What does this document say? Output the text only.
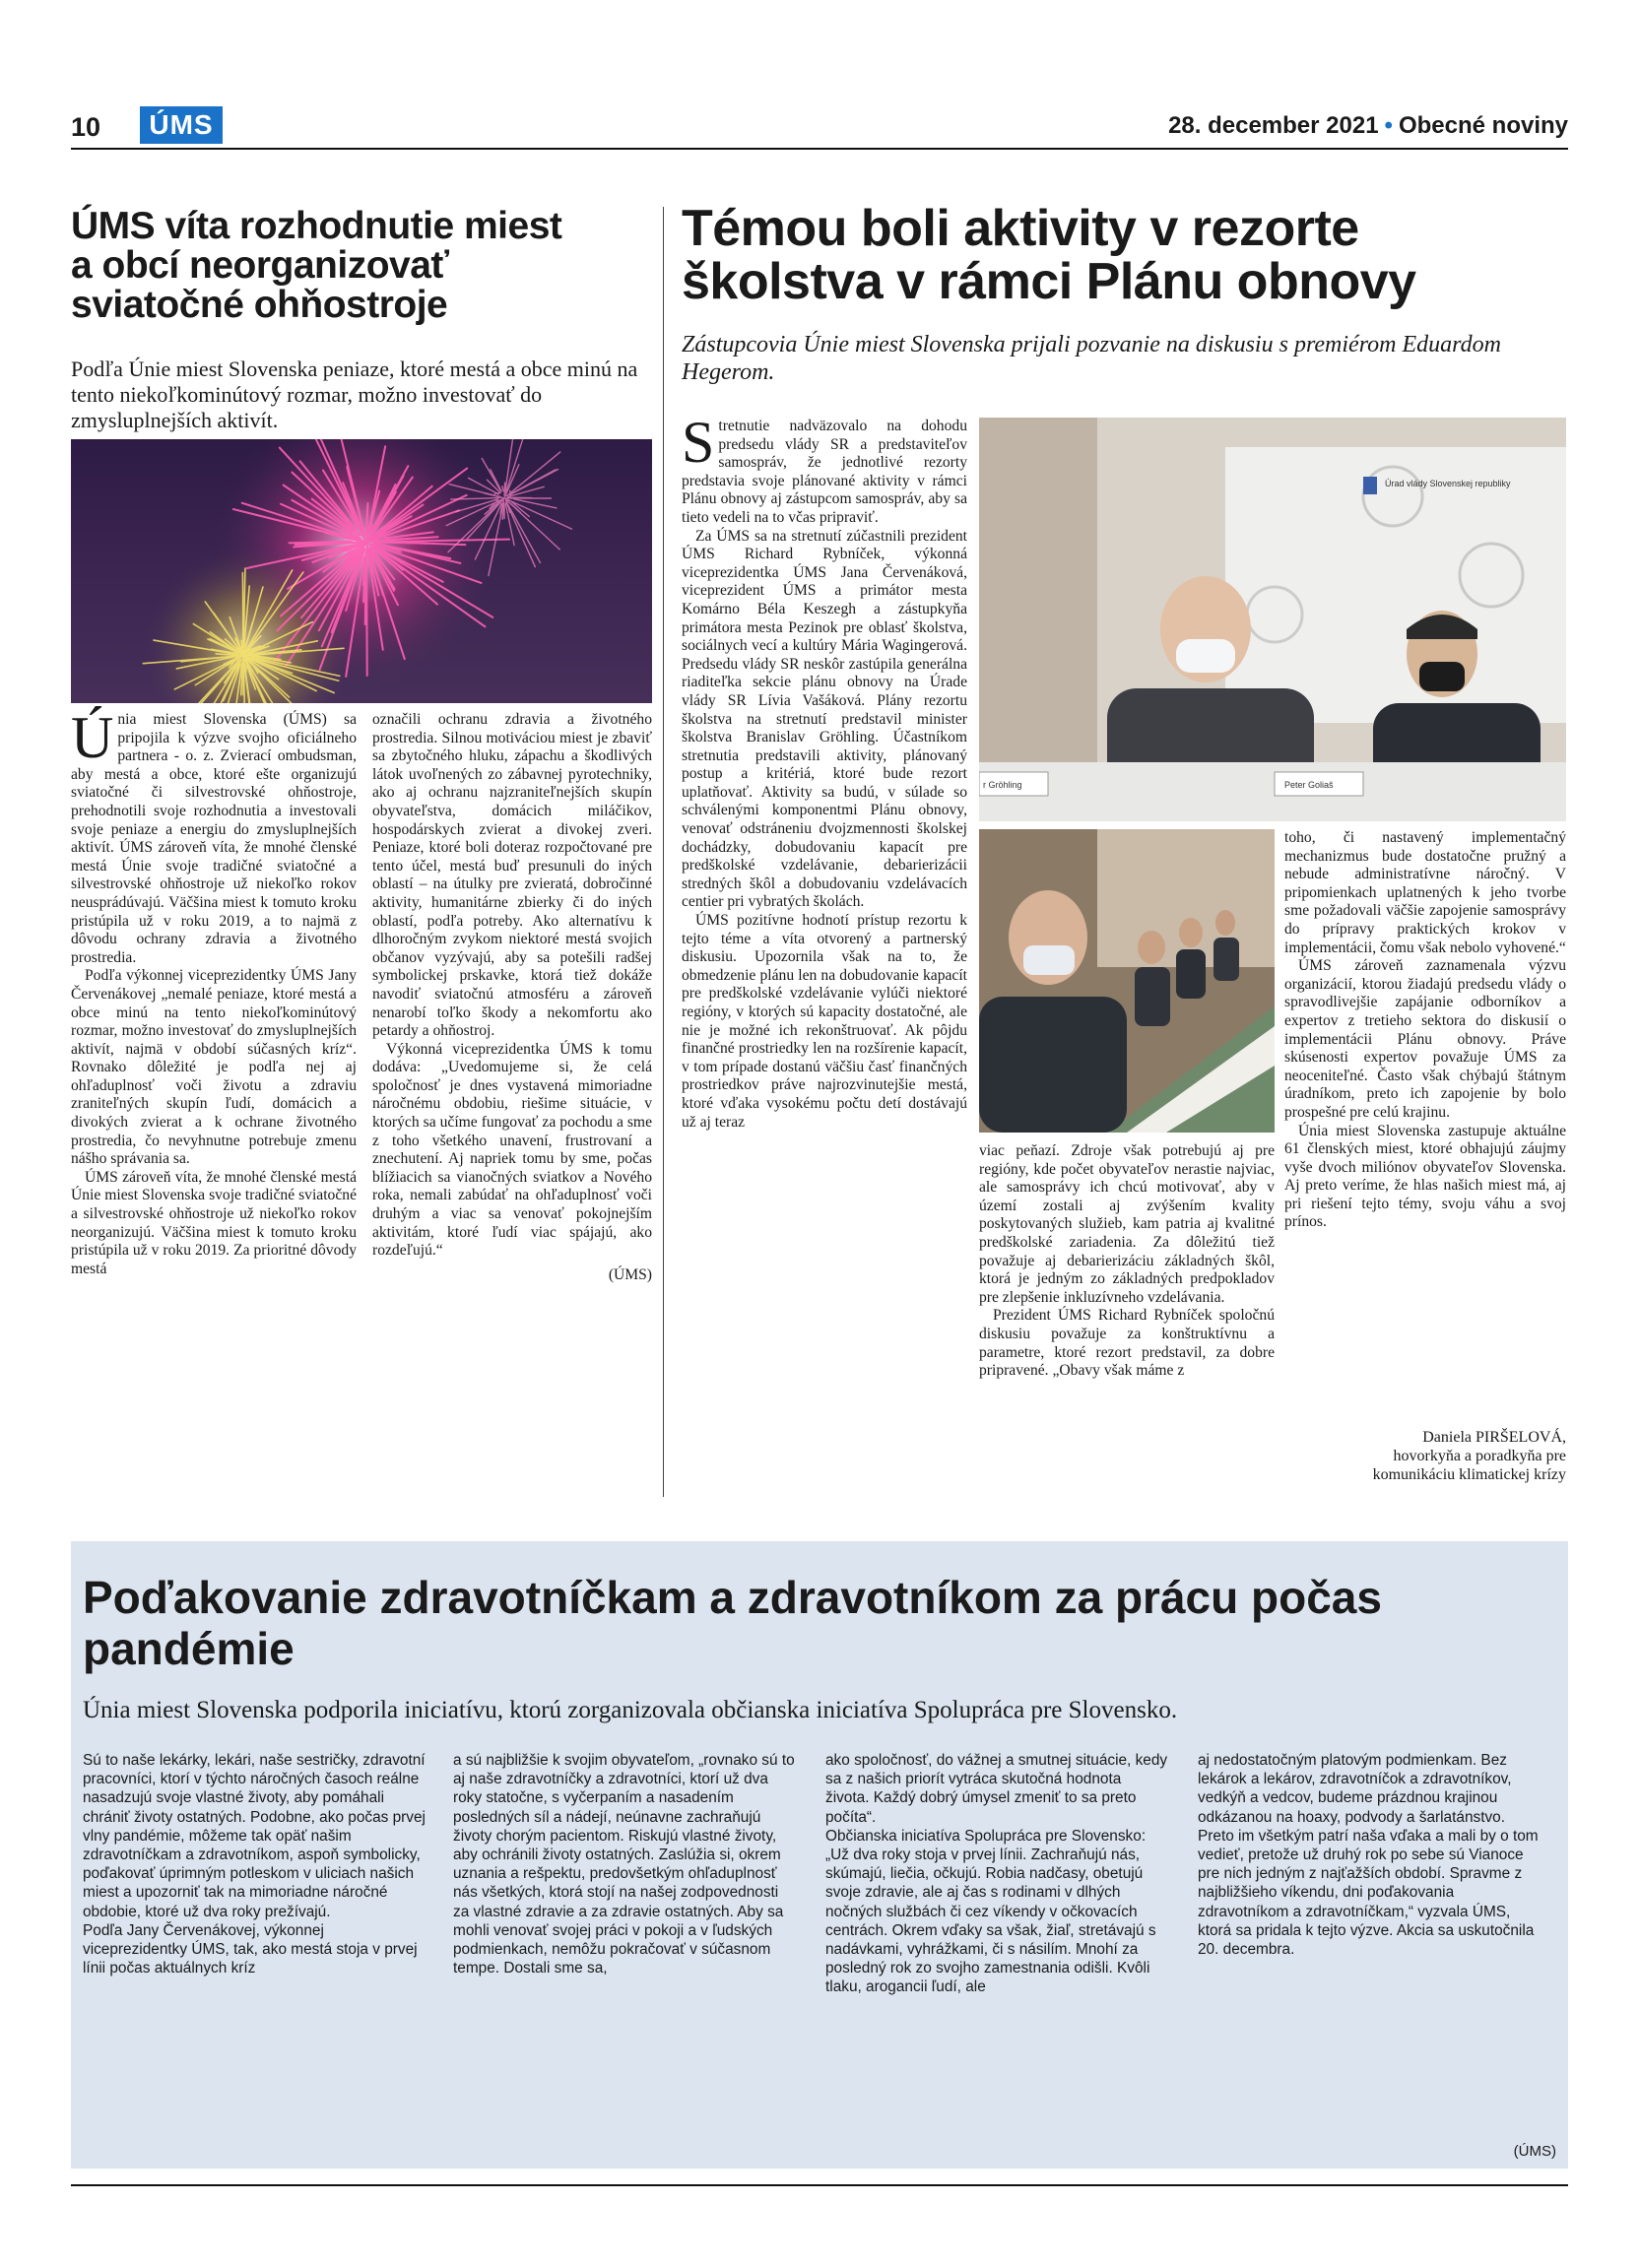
10	ÚMS	28. december 2021 • Obecné noviny
ÚMS víta rozhodnutie miest a obcí neorganizovať sviatočné ohňostroje

Podľa Únie miest Slovenska peniaze, ktoré mestá a obce minú na tento niekoľkominútový rozmar, možno investovať do zmysluplnejších aktivít.

Únia miest Slovenska (ÚMS) sa pripojila k výzve svojho oficiálneho partnera - o. z. Zvierací ombudsman, aby mestá a obce, ktoré ešte organizujú sviatočné či silvestrovské ohňostroje, prehodnotili svoje rozhodnutia a investovali svoje peniaze a energiu do zmysluplnejších aktivít. ÚMS zároveň víta, že mnohé členské mestá Únie svoje tradičné sviatočné a silvestrovské ohňostroje už niekoľko rokov neusprádúvajú. Väčšina miest k tomuto kroku pristúpila už v roku 2019, a to najmä z dôvodu ochrany zdravia a životného prostredia.

Podľa výkonnej viceprezidentky ÚMS Jany Červenákovej „nemalé peniaze, ktoré mestá a obce minú na tento niekoľkominútový rozmar, možno investovať do zmysluplnejších aktivít, najmä v období súčasných kríz“. Rovnako dôležité je podľa nej aj ohľaduplnosť voči životu a zdraviu zraniteľných skupín ľudí, domácich a divokých zvierat a k ochrane životného prostredia, čo nevyhnutne potrebuje zmenu nášho správania sa.

ÚMS zároveň víta, že mnohé členské mestá Únie miest Slovenska svoje tradičné sviatočné a silvestrovské ohňostroje už niekoľko rokov neorganizujú. Väčšina miest k tomuto kroku pristúpila už v roku 2019. Za prioritné dôvody mestá

označili ochranu zdravia a životného prostredia. Silnou motiváciou miest je zbaviť sa zbytočného hluku, zápachu a škodlivých látok uvoľnených zo zábavnej pyrotechniky, ako aj ochranu najzraniteľnejších skupín obyvateľstva, domácich miláčikov, hospodárskych zvierat a divokej zveri. Peniaze, ktoré boli doteraz rozpočtované pre tento účel, mestá buď presunuli do iných oblastí – na útulky pre zvieratá, dobročinné aktivity, humanitárne zbierky či do iných oblastí, podľa potreby. Ako alternatívu k dlhoročným zvykom niektoré mestá svojich občanov vyzývajú, aby sa potešili radšej symbolickej prskavke, ktorá tiež dokáže navodiť sviatočnú atmosféru a zároveň nenarobí toľko škody a nekomfortu ako petardy a ohňostroj.

Výkonná viceprezidentka ÚMS k tomu dodáva: „Uvedomujeme si, že celá spoločnosť je dnes vystavená mimoriadne náročnému obdobiu, riešime situácie, v ktorých sa učíme fungovať za pochodu a sme z toho všetkého unavení, frustrovaní a znechutení. Aj napriek tomu by sme, počas blížiacich sa vianočných sviatkov a Nového roka, nemali zabúdať na ohľaduplnosť voči druhým a viac sa venovať pokojnejším aktivitám, ktoré ľudí viac spájajú, ako rozdeľujú.“

(ÚMS)

Témou boli aktivity v rezorte školstva v rámci Plánu obnovy

Zástupcovia Únie miest Slovenska prijali pozvanie na diskusiu s premiérom Eduardom Hegerom.

Stretnutie nadväzovalo na dohodu predsedu vlády SR a predstaviteľov samospráv, že jednotlivé rezorty predstavia svoje plánované aktivity v rámci Plánu obnovy aj zástupcom samospráv, aby sa tieto vedeli na to včas pripraviť.

Za ÚMS sa na stretnutí zúčastnili prezident ÚMS Richard Rybníček, výkonná viceprezidentka ÚMS Jana Červenáková, viceprezident ÚMS a primátor mesta Komárno Béla Keszegh a zástupkyňa primátora mesta Pezinok pre oblasť školstva, sociálnych vecí a kultúry Mária Wagingerová. Predsedu vlády SR neskôr zastúpila generálna riaditeľka sekcie plánu obnovy na Úrade vlády SR Lívia Vašáková. Plány rezortu školstva na stretnutí predstavil minister školstva Branislav Gröhling. Účastníkom stretnutia predstavili aktivity, plánovaný postup a kritériá, ktoré bude rezort uplatňovať. Aktivity sa budú, v súlade so schválenými komponentmi Plánu obnovy, venovať odstráneniu dvojzmennosti školskej dochádzky, dobudovaniu kapacít pre predškolské vzdelávanie, debarierizácii stredných škôl a dobudovaniu vzdelávacích centier pri vybratých školách.

ÚMS pozitívne hodnotí prístup rezortu k tejto téme a víta otvorený a partnerský diskusiu. Upozornila však na to, že obmedzenie plánu len na dobudovanie kapacít pre predškolské vzdelávanie vylúči niektoré regióny, v ktorých sú kapacity dostatočné, ale nie je možné ich rekonštruovať. Ak pôjdu finančné prostriedky len na rozšírenie kapacít, v tom prípade dostanú väčšiu časť finančných prostriedkov práve najrozvinutejšie mestá, ktoré vďaka vysokému počtu detí dostávajú už aj teraz

Úrad vlády Slovenskej republiky
Peter Goliaš
r Gröhling

viac peňazí. Zdroje však potrebujú aj pre regióny, kde počet obyvateľov nerastie najviac, ale samosprávy ich chcú motivovať, aby v území zostali aj zvýšením kvality poskytovaných služieb, kam patria aj kvalitné predškolské zariadenia. Za dôležitú tiež považuje aj debarierizáciu základných škôl, ktorá je jedným zo základných predpokladov pre zlepšenie inkluzívneho vzdelávania.

Prezident ÚMS Richard Rybníček spoločnú diskusiu považuje za konštruktívnu a parametre, ktoré rezort predstavil, za dobre pripravené. „Obavy však máme z

toho, či nastavený implementačný mechanizmus bude dostatočne pružný a nebude administratívne náročný. V pripomienkach uplatnených k jeho tvorbe sme požadovali väčšie zapojenie samosprávy do prípravy praktických krokov v implementácii, čomu však nebolo vyhovené.“

ÚMS zároveň zaznamenala výzvu organizácií, ktorou žiadajú predsedu vlády o spravodlivejšie zapájanie odborníkov a expertov z tretieho sektora do diskusií o implementácii Plánu obnovy. Práve skúsenosti expertov považuje ÚMS za neoceniteľné. Často však chýbajú štátnym úradníkom, preto ich zapojenie by bolo prospešné pre celú krajinu.

Únia miest Slovenska zastupuje aktuálne 61 členských miest, ktoré obhajujú záujmy vyše dvoch miliónov obyvateľov Slovenska. Aj preto veríme, že hlas našich miest má, aj pri riešení tejto témy, svoju váhu a svoj prínos.

Daniela PIRŠELOVÁ,
hovorkyňa a poradkyňa pre
komunikáciu klimatickej krízy
Poďakovanie zdravotníčkam a zdravotníkom za prácu počas pandémie

Únia miest Slovenska podporila iniciatívu, ktorú zorganizovala občianska iniciatíva Spolupráca pre Slovensko.

Sú to naše lekárky, lekári, naše sestričky, zdravotní pracovníci, ktorí v týchto náročných časoch reálne nasadzujú svoje vlastné životy, aby pomáhali chrániť životy ostatných. Podobne, ako počas prvej vlny pandémie, môžeme tak opäť našim zdravotníčkam a zdravotníkom, aspoň symbolicky, poďakovať úprimným potleskom v uliciach našich miest a upozorniť tak na mimoriadne náročné obdobie, ktoré už dva roky prežívajú.

Podľa Jany Červenákovej, výkonnej viceprezidentky ÚMS, tak, ako mestá stoja v prvej línii počas aktuálnych kríz

a sú najbližšie k svojim obyvateľom, „rovnako sú to aj naše zdravotníčky a zdravotníci, ktorí už dva roky statočne, s vyčerpaním a nasadením posledných síl a nádejí, neúnavne zachraňujú životy chorým pacientom. Riskujú vlastné životy, aby ochránili životy ostatných. Zaslúžia si, okrem uznania a rešpektu, predovšetkým ohľaduplnosť nás všetkých, ktorá stojí na našej zodpovednosti za vlastné zdravie a za zdravie ostatných. Aby sa mohli venovať svojej práci v pokoji a v ľudských podmienkach, nemôžu pokračovať v súčasnom tempe. Dostali sme sa,

ako spoločnosť, do vážnej a smutnej situácie, kedy sa z našich priorít vytráca skutočná hodnota života. Každý dobrý úmysel zmeniť to sa preto počíta“.

Občianska iniciatíva Spolupráca pre Slovensko: „Už dva roky stoja v prvej línii. Zachraňujú nás, skúmajú, liečia, očkujú. Robia nadčasy, obetujú svoje zdravie, ale aj čas s rodinami v dlhých nočných službách či cez víkendy v očkovacích centrách. Okrem vďaky sa však, žiaľ, stretávajú s nadávkami, vyhrážkami, či s násilím. Mnohí za posledný rok zo svojho zamestnania odišli. Kvôli tlaku, arogancii ľudí, ale

aj nedostatočným platovým podmienkam. Bez lekárok a lekárov, zdravotníčok a zdravotníkov, vedkýň a vedcov, budeme prázdnou krajinou odkázanou na hoaxy, podvody a šarlatánstvo. Preto im všetkým patrí naša vďaka a mali by o tom vedieť, pretože už druhý rok po sebe sú Vianoce pre nich jedným z najťažších období. Spravme z najbližšieho víkendu, dni poďakovania zdravotníkom a zdravotníčkam,“ vyzvala ÚMS, ktorá sa pridala k tejto výzve. Akcia sa uskutočnila 20. decembra.

(ÚMS)
